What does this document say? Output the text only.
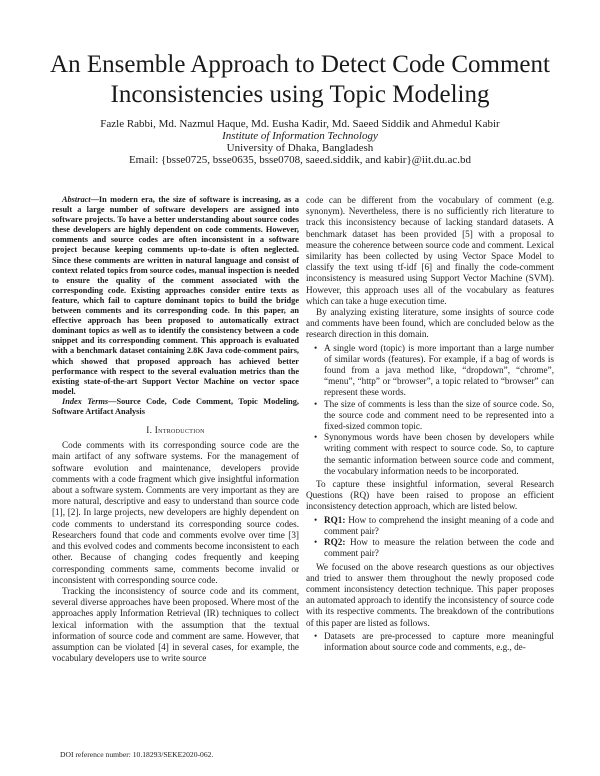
An Ensemble Approach to Detect Code Comment
Inconsistencies using Topic Modeling
Fazle Rabbi, Md. Nazmul Haque, Md. Eusha Kadir, Md. Saeed Siddik and Ahmedul Kabir
Institute of Information Technology
University of Dhaka, Bangladesh
Email: {bsse0725, bsse0635, bsse0708, saeed.siddik, and kabir}@iit.du.ac.bd

Abstract—In modern era, the size of software is increasing, as a result a large number of software developers are assigned into software projects. To have a better understanding about source codes these developers are highly dependent on code comments. However, comments and source codes are often inconsistent in a software project because keeping comments up-to-date is often neglected. Since these comments are written in natural language and consist of context related topics from source codes, manual inspection is needed to ensure the quality of the comment associated with the corresponding code. Existing approaches consider entire texts as feature, which fail to capture dominant topics to build the bridge between comments and its corresponding code. In this paper, an effective approach has been proposed to automatically extract dominant topics as well as to identify the consistency between a code snippet and its corresponding comment. This approach is evaluated with a benchmark dataset containing 2.8K Java code-comment pairs, which showed that proposed approach has achieved better performance with respect to the several evaluation metrics than the existing state-of-the-art Support Vector Machine on vector space model.

Index Terms—Source Code, Code Comment, Topic Modeling, Software Artifact Analysis

I. Introduction

Code comments with its corresponding source code are the main artifact of any software systems. For the management of software evolution and maintenance, developers provide comments with a code fragment which give insightful information about a software system. Comments are very important as they are more natural, descriptive and easy to understand than source code [1], [2]. In large projects, new developers are highly dependent on code comments to understand its corresponding source codes. Researchers found that code and comments evolve over time [3] and this evolved codes and comments become inconsistent to each other. Because of changing codes frequently and keeping corresponding comments same, comments become invalid or inconsistent with corresponding source code.

Tracking the inconsistency of source code and its comment, several diverse approaches have been proposed. Where most of the approaches apply Information Retrieval (IR) techniques to collect lexical information with the assumption that the textual information of source code and comment are same. However, that assumption can be violated [4] in several cases, for example, the vocabulary developers use to write source

code can be different from the vocabulary of comment (e.g. synonym). Nevertheless, there is no sufficiently rich literature to track this inconsistency because of lacking standard datasets. A benchmark dataset has been provided [5] with a proposal to measure the coherence between source code and comment. Lexical similarity has been collected by using Vector Space Model to classify the text using tf-idf [6] and finally the code-comment inconsistency is measured using Support Vector Machine (SVM). However, this approach uses all of the vocabulary as features which can take a huge execution time.

By analyzing existing literature, some insights of source code and comments have been found, which are concluded below as the research direction in this domain.

• A single word (topic) is more important than a large number of similar words (features). For example, if a bag of words is found from a java method like, “dropdown”, “chrome”, “menu”, “http” or “browser”, a topic related to “browser” can represent these words.
• The size of comments is less than the size of source code. So, the source code and comment need to be represented into a fixed-sized common topic.
• Synonymous words have been chosen by developers while writing comment with respect to source code. So, to capture the semantic information between source code and comment, the vocabulary information needs to be incorporated.

To capture these insightful information, several Research Questions (RQ) have been raised to propose an efficient inconsistency detection approach, which are listed below.

• RQ1: How to comprehend the insight meaning of a code and comment pair?
• RQ2: How to measure the relation between the code and comment pair?

We focused on the above research questions as our objectives and tried to answer them throughout the newly proposed code comment inconsistency detection technique. This paper proposes an automated approach to identify the inconsistency of source code with its respective comments. The breakdown of the contributions of this paper are listed as follows.

• Datasets are pre-processed to capture more meaningful information about source code and comments, e.g., de-
DOI reference number: 10.18293/SEKE2020-062.
